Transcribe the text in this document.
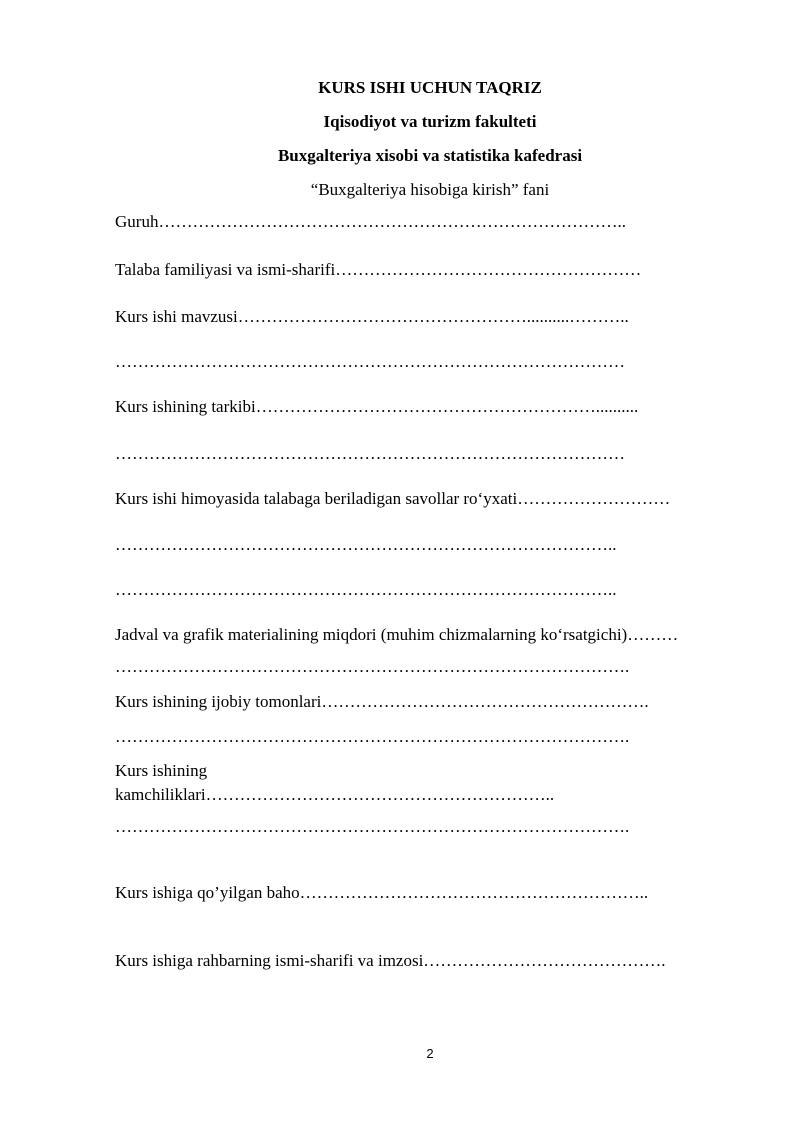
KURS ISHI UCHUN TAQRIZ
Iqisodiyot va turizm fakulteti
Buxgalteriya xisobi va statistika kafedrasi
“Buxgalteriya hisobiga kirish” fani
Guruh………………………………………………………………………..
Talaba familiyasi va ismi-sharifi………………………………………………
Kurs ishi mavzusi……………………………………………..........………..
………………………………………………………………………………
Kurs ishining tarkibi……………………………………………………..........
………………………………………………………………………………
Kurs ishi himoyasida talabaga beriladigan savollar ro‘yxati………………………
……………………………………………………………………………..
……………………………………………………………………………..
Jadval va grafik materialining miqdori (muhim chizmalarning ko‘rsatgichi)………
……………………………………………………………………………….
Kurs ishining ijobiy tomonlari………………………………………………….
……………………………………………………………………………….
Kurs ishining
kamchiliklari……………………………………………………..
……………………………………………………………………………….
Kurs ishiga qo’yilgan baho……………………………………………………..
Kurs ishiga rahbarning ismi-sharifi va imzosi…………………………………….
2
